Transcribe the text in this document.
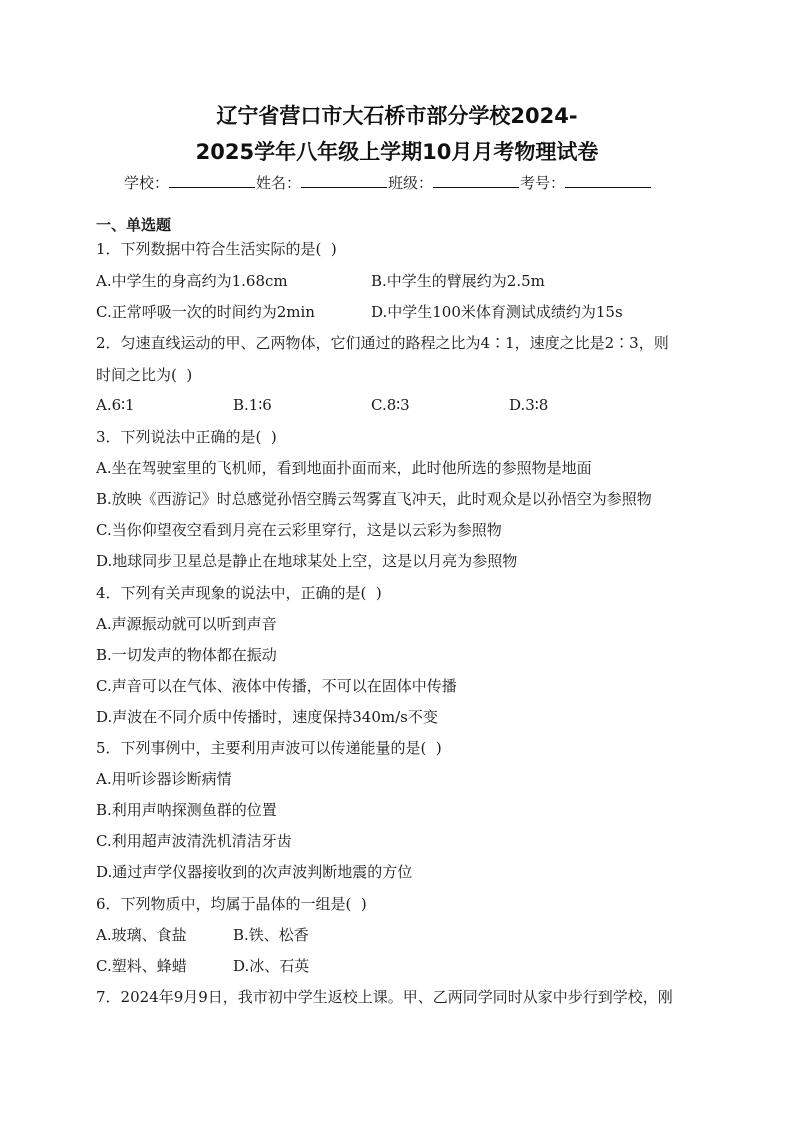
辽宁省营口市大石桥市部分学校2024-
2025学年八年级上学期10月月考物理试卷
学校：	姓名：	班级：	考号：
一、单选题
1．下列数据中符合生活实际的是(  )
A.中学生的身高约为1.68cm	B.中学生的臂展约为2.5m
C.正常呼吸一次的时间约为2min	D.中学生100米体育测试成绩约为15s
2．匀速直线运动的甲、乙两物体，它们通过的路程之比为4∶1，速度之比是2∶3，则
时间之比为(  )
A.6∶1	B.1∶6	C.8∶3	D.3∶8
3．下列说法中正确的是(  )
A.坐在驾驶室里的飞机师，看到地面扑面而来，此时他所选的参照物是地面
B.放映《西游记》时总感觉孙悟空腾云驾雾直飞冲天，此时观众是以孙悟空为参照物
C.当你仰望夜空看到月亮在云彩里穿行，这是以云彩为参照物
D.地球同步卫星总是静止在地球某处上空，这是以月亮为参照物
4．下列有关声现象的说法中，正确的是(  )
A.声源振动就可以听到声音
B.一切发声的物体都在振动
C.声音可以在气体、液体中传播，不可以在固体中传播
D.声波在不同介质中传播时，速度保持340m/s不变
5．下列事例中，主要利用声波可以传递能量的是(  )
A.用听诊器诊断病情
B.利用声呐探测鱼群的位置
C.利用超声波清洗机清洁牙齿
D.通过声学仪器接收到的次声波判断地震的方位
6．下列物质中，均属于晶体的一组是(  )
A.玻璃、食盐	B.铁、松香
C.塑料、蜂蜡	D.冰、石英
7．2024年9月9日，我市初中学生返校上课。甲、乙两同学同时从家中步行到学校，刚
